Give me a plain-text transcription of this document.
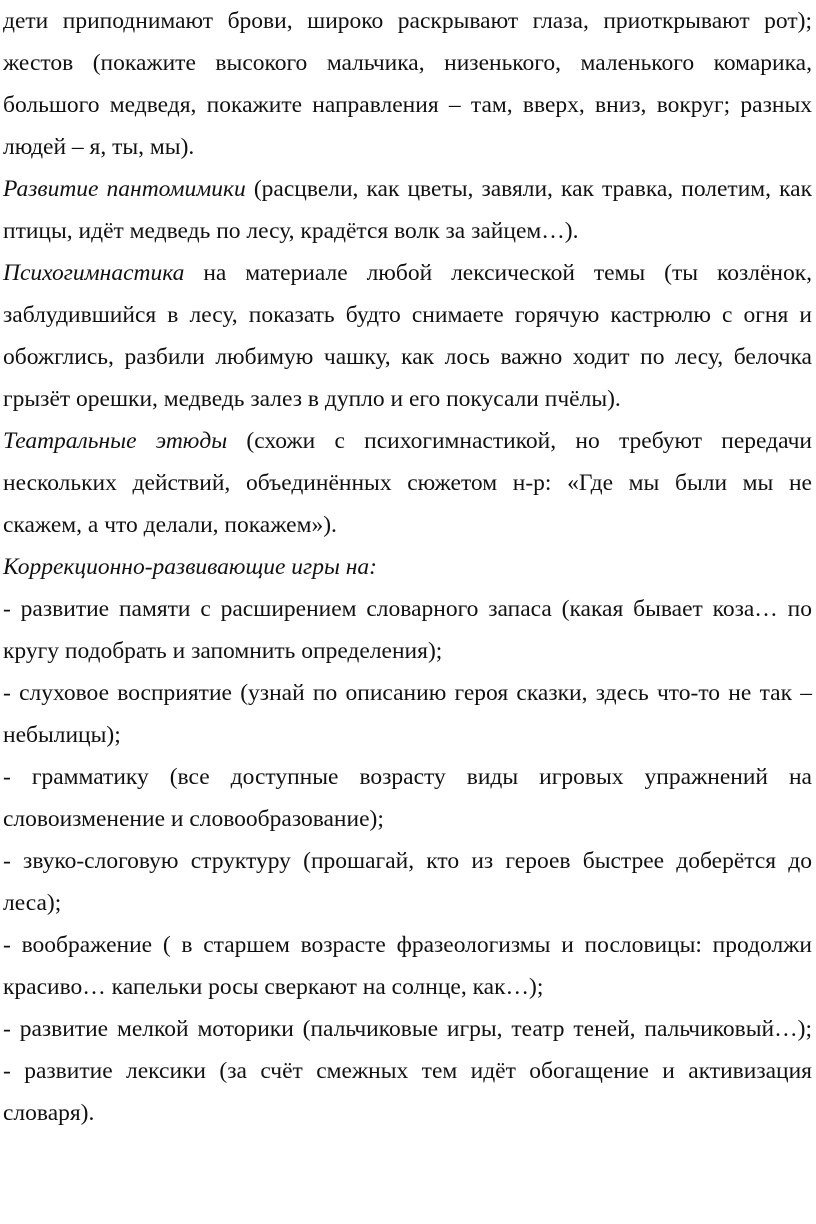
дети приподнимают брови, широко раскрывают глаза, приоткрывают рот);
жестов (покажите высокого мальчика, низенького, маленького комарика,
большого медведя, покажите направления – там, вверх, вниз, вокруг; разных
людей – я, ты, мы).
Развитие пантомимики (расцвели, как цветы, завяли, как травка, полетим, как
птицы, идёт медведь по лесу, крадётся волк за зайцем…).
Психогимнастика на материале любой лексической темы (ты козлёнок,
заблудившийся в лесу, показать будто снимаете горячую кастрюлю с огня и
обожглись, разбили любимую чашку, как лось важно ходит по лесу, белочка
грызёт орешки, медведь залез в дупло и его покусали пчёлы).
Театральные этюды (схожи с психогимнастикой, но требуют передачи
нескольких действий, объединённых сюжетом н-р: «Где мы были мы не
скажем, а что делали, покажем»).
Коррекционно-развивающие игры на:
- развитие памяти с расширением словарного запаса (какая бывает коза… по
кругу подобрать и запомнить определения);
- слуховое восприятие (узнай по описанию героя сказки, здесь что-то не так –
небылицы);
- грамматику (все доступные возрасту виды игровых упражнений на
словоизменение и словообразование);
- звуко-слоговую структуру (прошагай, кто из героев быстрее доберётся до
леса);
- воображение ( в старшем возрасте фразеологизмы и пословицы: продолжи
красиво… капельки росы сверкают на солнце, как…);
- развитие мелкой моторики (пальчиковые игры, театр теней, пальчиковый…);
- развитие лексики (за счёт смежных тем идёт обогащение и активизация
словаря).
